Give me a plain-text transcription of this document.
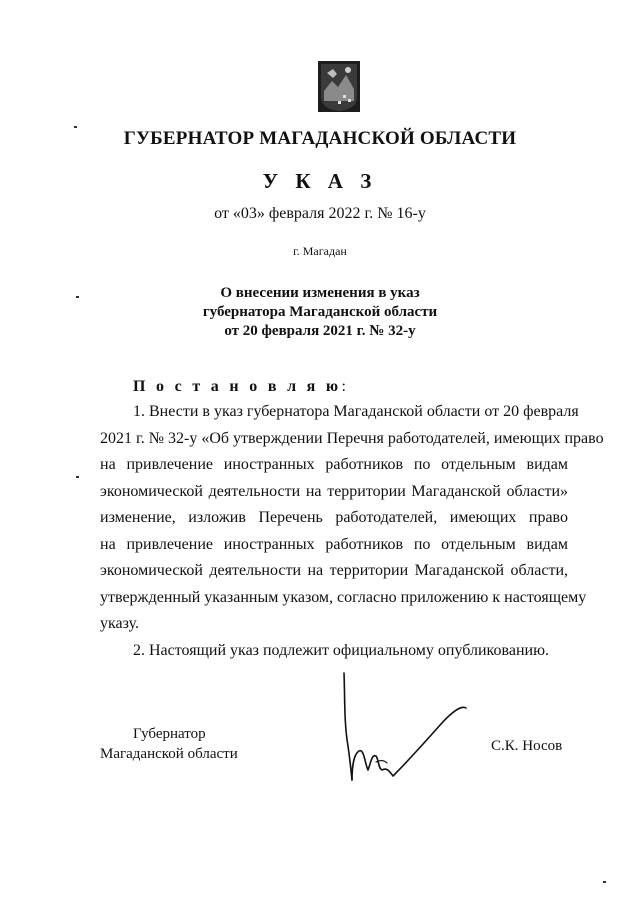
ГУБЕРНАТОР МАГАДАНСКОЙ ОБЛАСТИ
У К А З
от «03» февраля 2022 г. № 16-у
г. Магадан
О внесении изменения в указ
губернатора Магаданской области
от 20 февраля 2021 г. № 32-у
П о с т а н о в л я ю:
1. Внести в указ губернатора Магаданской области от 20 февраля
2021 г. № 32-у «Об утверждении Перечня работодателей, имеющих право
на привлечение иностранных работников по отдельным видам
экономической деятельности на территории Магаданской области»
изменение, изложив Перечень работодателей, имеющих право
на привлечение иностранных работников по отдельным видам
экономической деятельности на территории Магаданской области,
утвержденный указанным указом, согласно приложению к настоящему
указу.
2. Настоящий указ подлежит официальному опубликованию.
Губернатор
Магаданской области	С.К. Носов
